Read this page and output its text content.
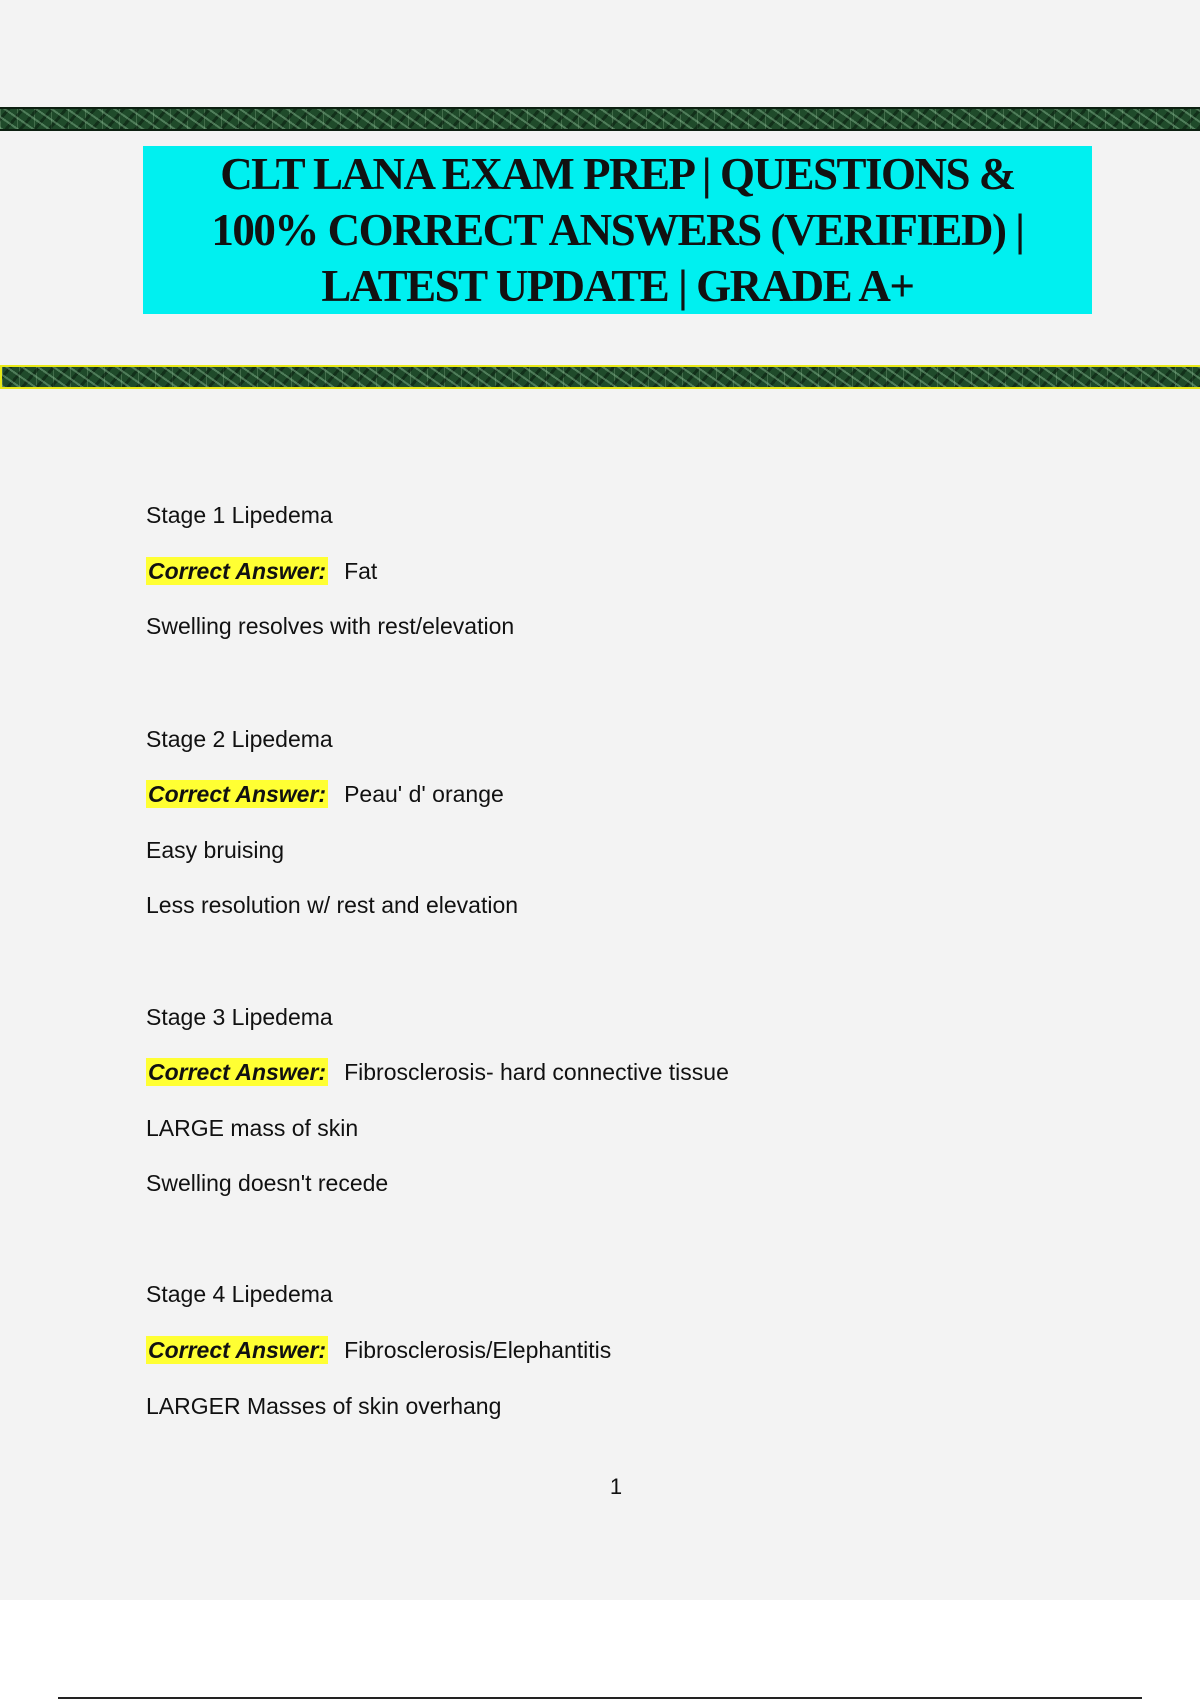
CLT LANA EXAM PREP | QUESTIONS &
100% CORRECT ANSWERS (VERIFIED) |
LATEST UPDATE | GRADE A+
Stage 1 Lipedema
Correct Answer: Fat
Swelling resolves with rest/elevation
Stage 2 Lipedema
Correct Answer: Peau' d' orange
Easy bruising
Less resolution w/ rest and elevation
Stage 3 Lipedema
Correct Answer: Fibrosclerosis- hard connective tissue
LARGE mass of skin
Swelling doesn't recede
Stage 4 Lipedema
Correct Answer: Fibrosclerosis/Elephantitis
LARGER Masses of skin overhang
1
